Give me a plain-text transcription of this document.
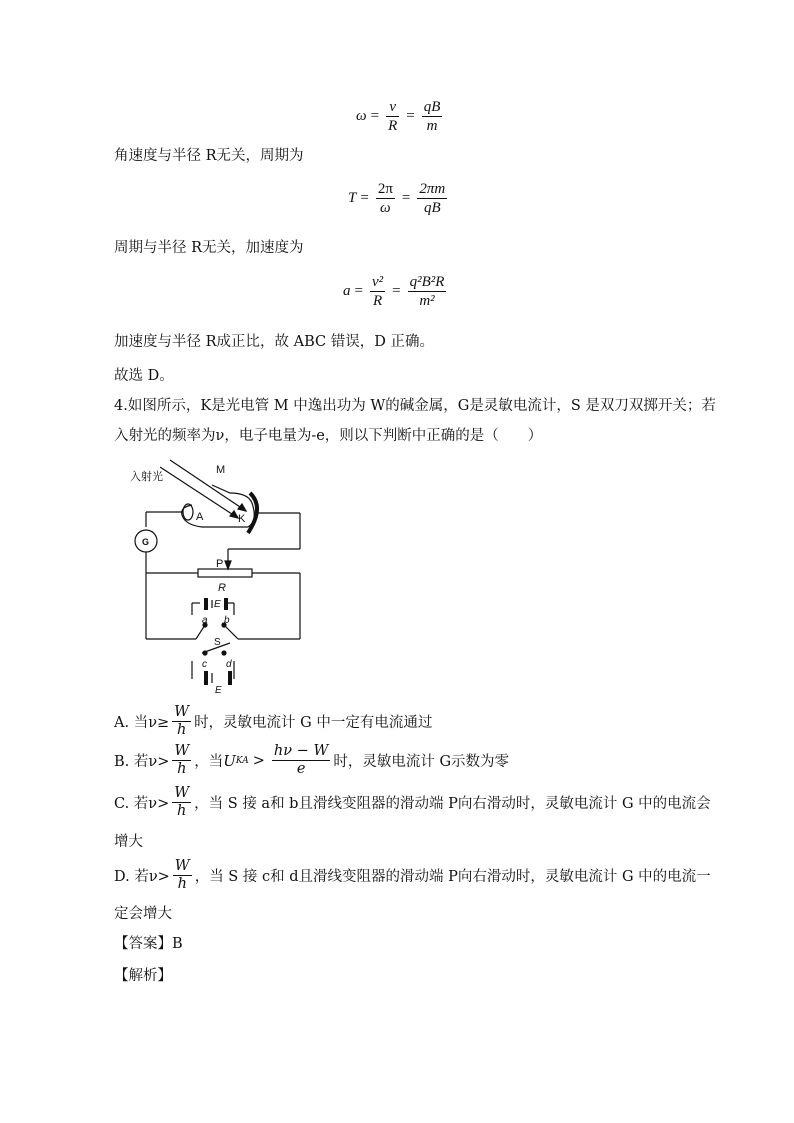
$\omega = \frac{v}{R} = \frac{qB}{m}$
角速度与半径 R无关，周期为
$T = \frac{2\pi}{\omega} = \frac{2\pi m}{qB}$
周期与半径 R无关，加速度为
$a = \frac{\text{v²}}{R} = \frac{\text{q²B²R}}{\text{m²}}$
加速度与半径 R成正比，故 ABC 错误，D 正确。
故选 D。
4.如图所示，K是光电管 M 中逸出功为 W的碱金属，G是灵敏电流计，S 是双刀双掷开关；若
入射光的频率为ν，电子电量为-e，则以下判断中正确的是（　　）
入射光
M
A	K
G
P
R
E
a b
S
c d
E
A. 当$\nu\ge \frac{W}{h}$ 时，灵敏电流计 G 中一定有电流通过
B. 若$\nu> \frac{W}{h}$ ，当 U KA > $\frac{h\nu - W}{e}$ 时，灵敏电流计 G示数为零
C. 若$\nu> \frac{W}{h}$ ，当 S 接 a和 b且滑线变阻器的滑动端 P向右滑动时，灵敏电流计 G 中的电流会
增大
D. 若$\nu> \frac{W}{h}$ ，当 S 接 c和 d且滑线变阻器的滑动端 P向右滑动时，灵敏电流计 G 中的电流一
定会增大
【答案】B
【解析】
